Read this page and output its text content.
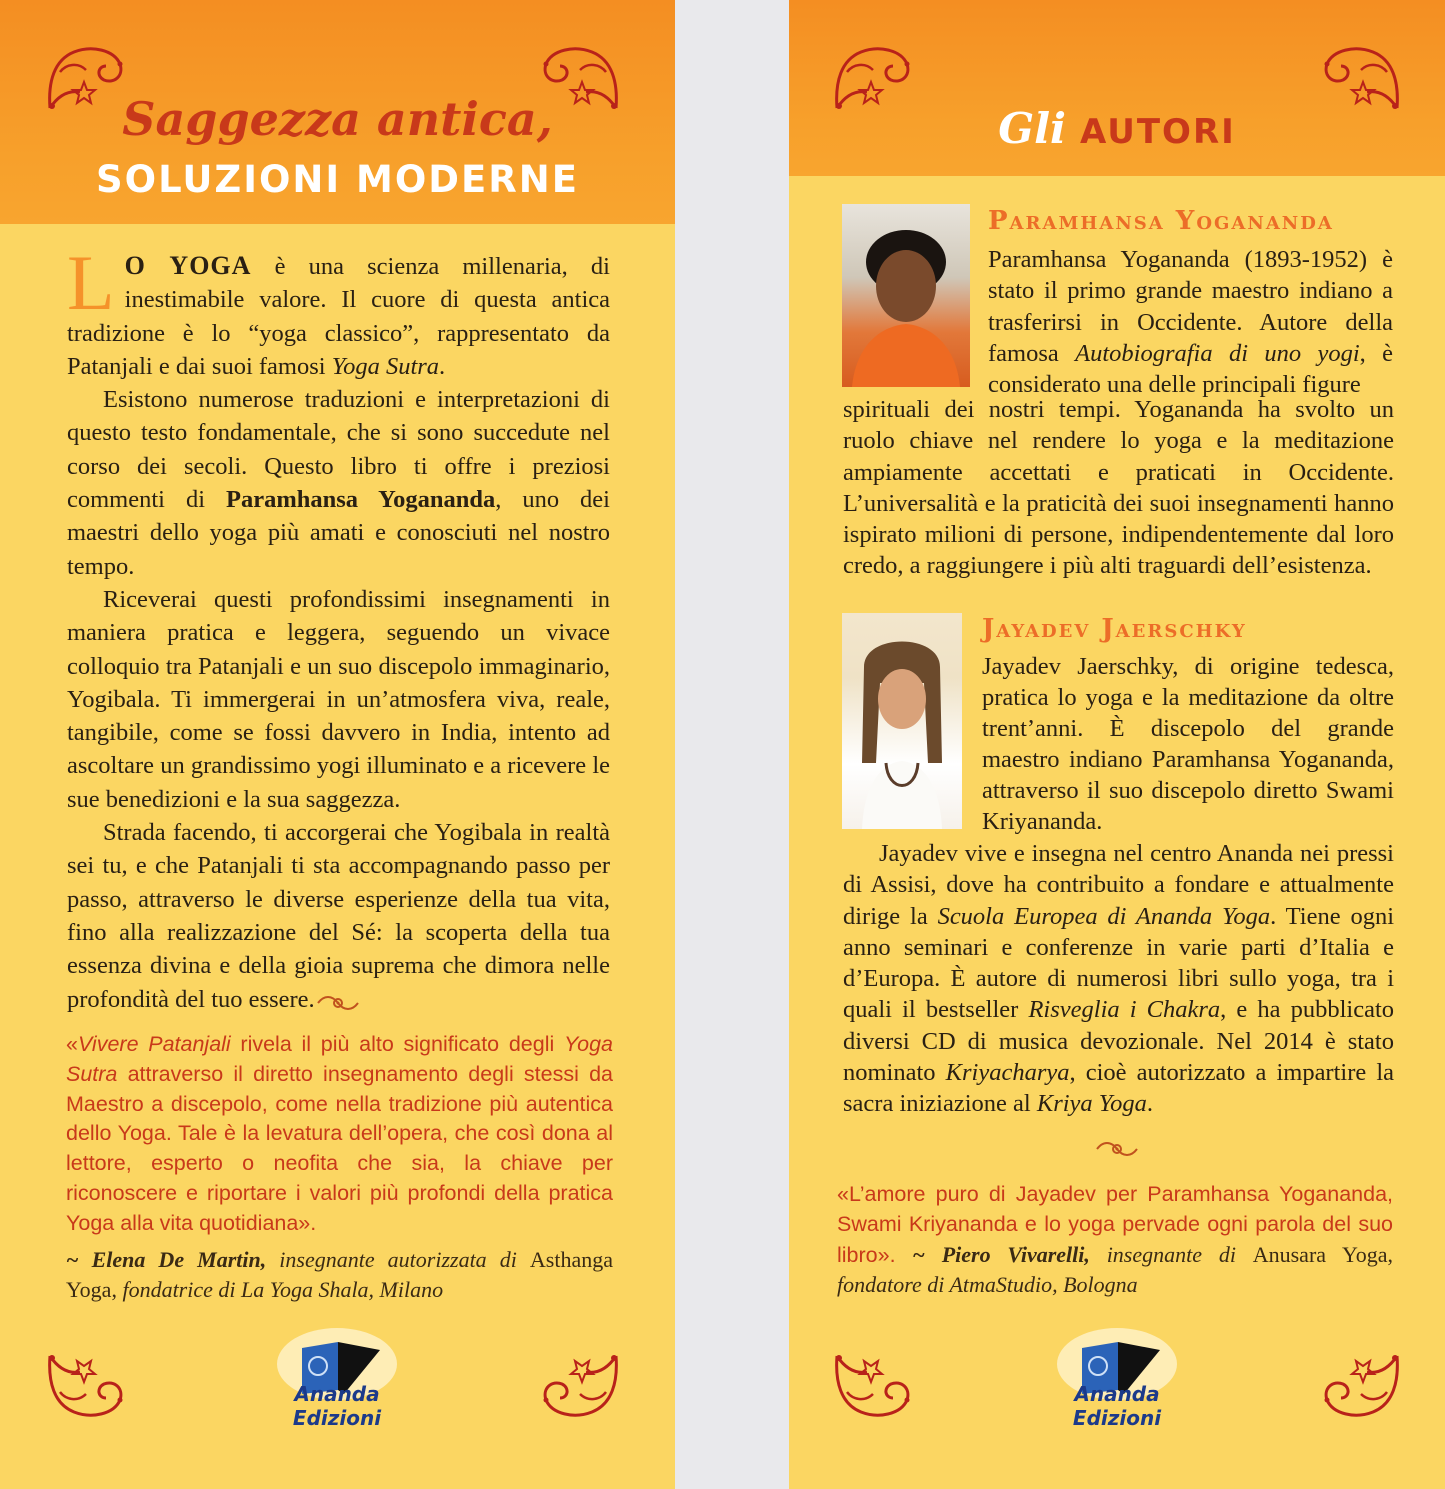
Saggezza antica,
SOLUZIONI MODERNE

L O YOGA è una scienza millenaria, di inestimabile valore. Il cuore di questa antica tradizione è lo “yoga classico”, rappresentato da Patanjali e dai suoi famosi Yoga Sutra.

Esistono numerose traduzioni e interpretazioni di questo testo fondamentale, che si sono succedute nel corso dei secoli. Questo libro ti offre i preziosi commenti di Paramhansa Yogananda, uno dei maestri dello yoga più amati e conosciuti nel nostro tempo.

Riceverai questi profondissimi insegnamenti in maniera pratica e leggera, seguendo un vivace colloquio tra Patanjali e un suo discepolo immaginario, Yogibala. Ti immergerai in un’atmosfera viva, reale, tangibile, come se fossi davvero in India, intento ad ascoltare un grandissimo yogi illuminato e a ricevere le sue benedizioni e la sua saggezza.

Strada facendo, ti accorgerai che Yogibala in realtà sei tu, e che Patanjali ti sta accompagnando passo per passo, attraverso le diverse esperienze della tua vita, fino alla realizzazione del Sé: la scoperta della tua essenza divina e della gioia suprema che dimora nelle profondità del tuo essere.

«Vivere Patanjali rivela il più alto significato degli Yoga Sutra attraverso il diretto insegnamento degli stessi da Maestro a discepolo, come nella tradizione più autentica dello Yoga. Tale è la levatura dell’opera, che così dona al lettore, esperto o neofita che sia, la chiave per riconoscere e riportare i valori più profondi della pratica Yoga alla vita quotidiana».
~ Elena De Martin, insegnante autorizzata di Asthanga Yoga, fondatrice di La Yoga Shala, Milano
Ananda Edizioni
Gli AUTORI
Paramhansa Yogananda

Paramhansa Yogananda (1893-1952) è stato il primo grande maestro indiano a trasferirsi in Occidente. Autore della famosa Autobiografia di uno yogi, è considerato una delle principali figure

Jayadev Jaerschky

spirituali dei nostri tempi. Yogananda ha svolto un ruolo chiave nel rendere lo yoga e la meditazione ampiamente accettati e praticati in Occidente. L’universalità e la praticità dei suoi insegnamenti hanno ispirato milioni di persone, indipendentemente dal loro credo, a raggiungere i più alti traguardi dell’esistenza.

Jayadev Jaerschky, di origine tedesca, pratica lo yoga e la meditazione da oltre trent’anni. È discepolo del grande maestro indiano Paramhansa Yogananda, attraverso il suo discepolo diretto Swami Kriyananda.

Jayadev vive e insegna nel centro Ananda nei pressi di Assisi, dove ha contribuito a fondare e attualmente dirige la Scuola Europea di Ananda Yoga. Tiene ogni anno seminari e conferenze in varie parti d’Italia e d’Europa. È autore di numerosi libri sullo yoga, tra i quali il bestseller Risveglia i Chakra, e ha pubblicato diversi CD di musica devozionale. Nel 2014 è stato nominato Kriyacharya, cioè autorizzato a impartire la sacra iniziazione al Kriya Yoga.

«L’amore puro di Jayadev per Paramhansa Yogananda, Swami Kriyananda e lo yoga pervade ogni parola del suo libro». ~ Piero Vivarelli, insegnante di Anusara Yoga, fondatore di AtmaStudio, Bologna
Ananda Edizioni
